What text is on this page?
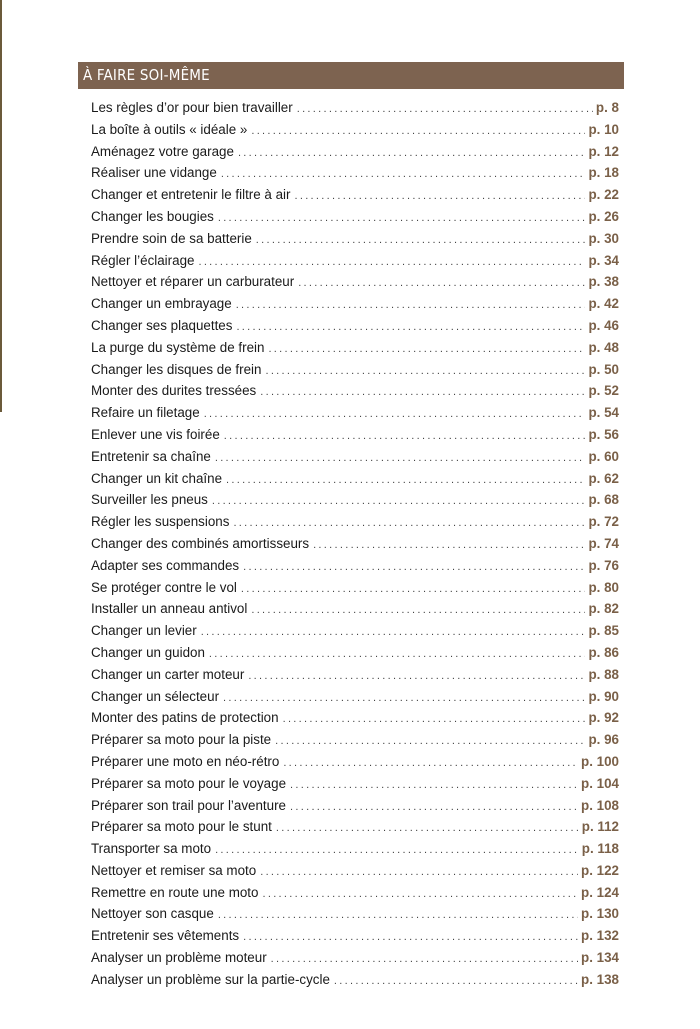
À FAIRE SOI-MÊME
Les règles d’or pour bien travailler .....	p. 8
La boîte à outils « idéale » .....	p. 10
Aménagez votre garage .....	p. 12
Réaliser une vidange .....	p. 18
Changer et entretenir le filtre à air .....	p. 22
Changer les bougies .....	p. 26
Prendre soin de sa batterie .....	p. 30
Régler l’éclairage .....	p. 34
Nettoyer et réparer un carburateur .....	p. 38
Changer un embrayage .....	p. 42
Changer ses plaquettes .....	p. 46
La purge du système de frein .....	p. 48
Changer les disques de frein .....	p. 50
Monter des durites tressées .....	p. 52
Refaire un filetage .....	p. 54
Enlever une vis foirée .....	p. 56
Entretenir sa chaîne .....	p. 60
Changer un kit chaîne .....	p. 62
Surveiller les pneus .....	p. 68
Régler les suspensions .....	p. 72
Changer des combinés amortisseurs .....	p. 74
Adapter ses commandes .....	p. 76
Se protéger contre le vol .....	p. 80
Installer un anneau antivol .....	p. 82
Changer un levier .....	p. 85
Changer un guidon .....	p. 86
Changer un carter moteur .....	p. 88
Changer un sélecteur .....	p. 90
Monter des patins de protection .....	p. 92
Préparer sa moto pour la piste .....	p. 96
Préparer une moto en néo-rétro .....	p. 100
Préparer sa moto pour le voyage .....	p. 104
Préparer son trail pour l’aventure .....	p. 108
Préparer sa moto pour le stunt .....	p. 112
Transporter sa moto .....	p. 118
Nettoyer et remiser sa moto .....	p. 122
Remettre en route une moto .....	p. 124
Nettoyer son casque .....	p. 130
Entretenir ses vêtements .....	p. 132
Analyser un problème moteur .....	p. 134
Analyser un problème sur la partie-cycle .....	p. 138
